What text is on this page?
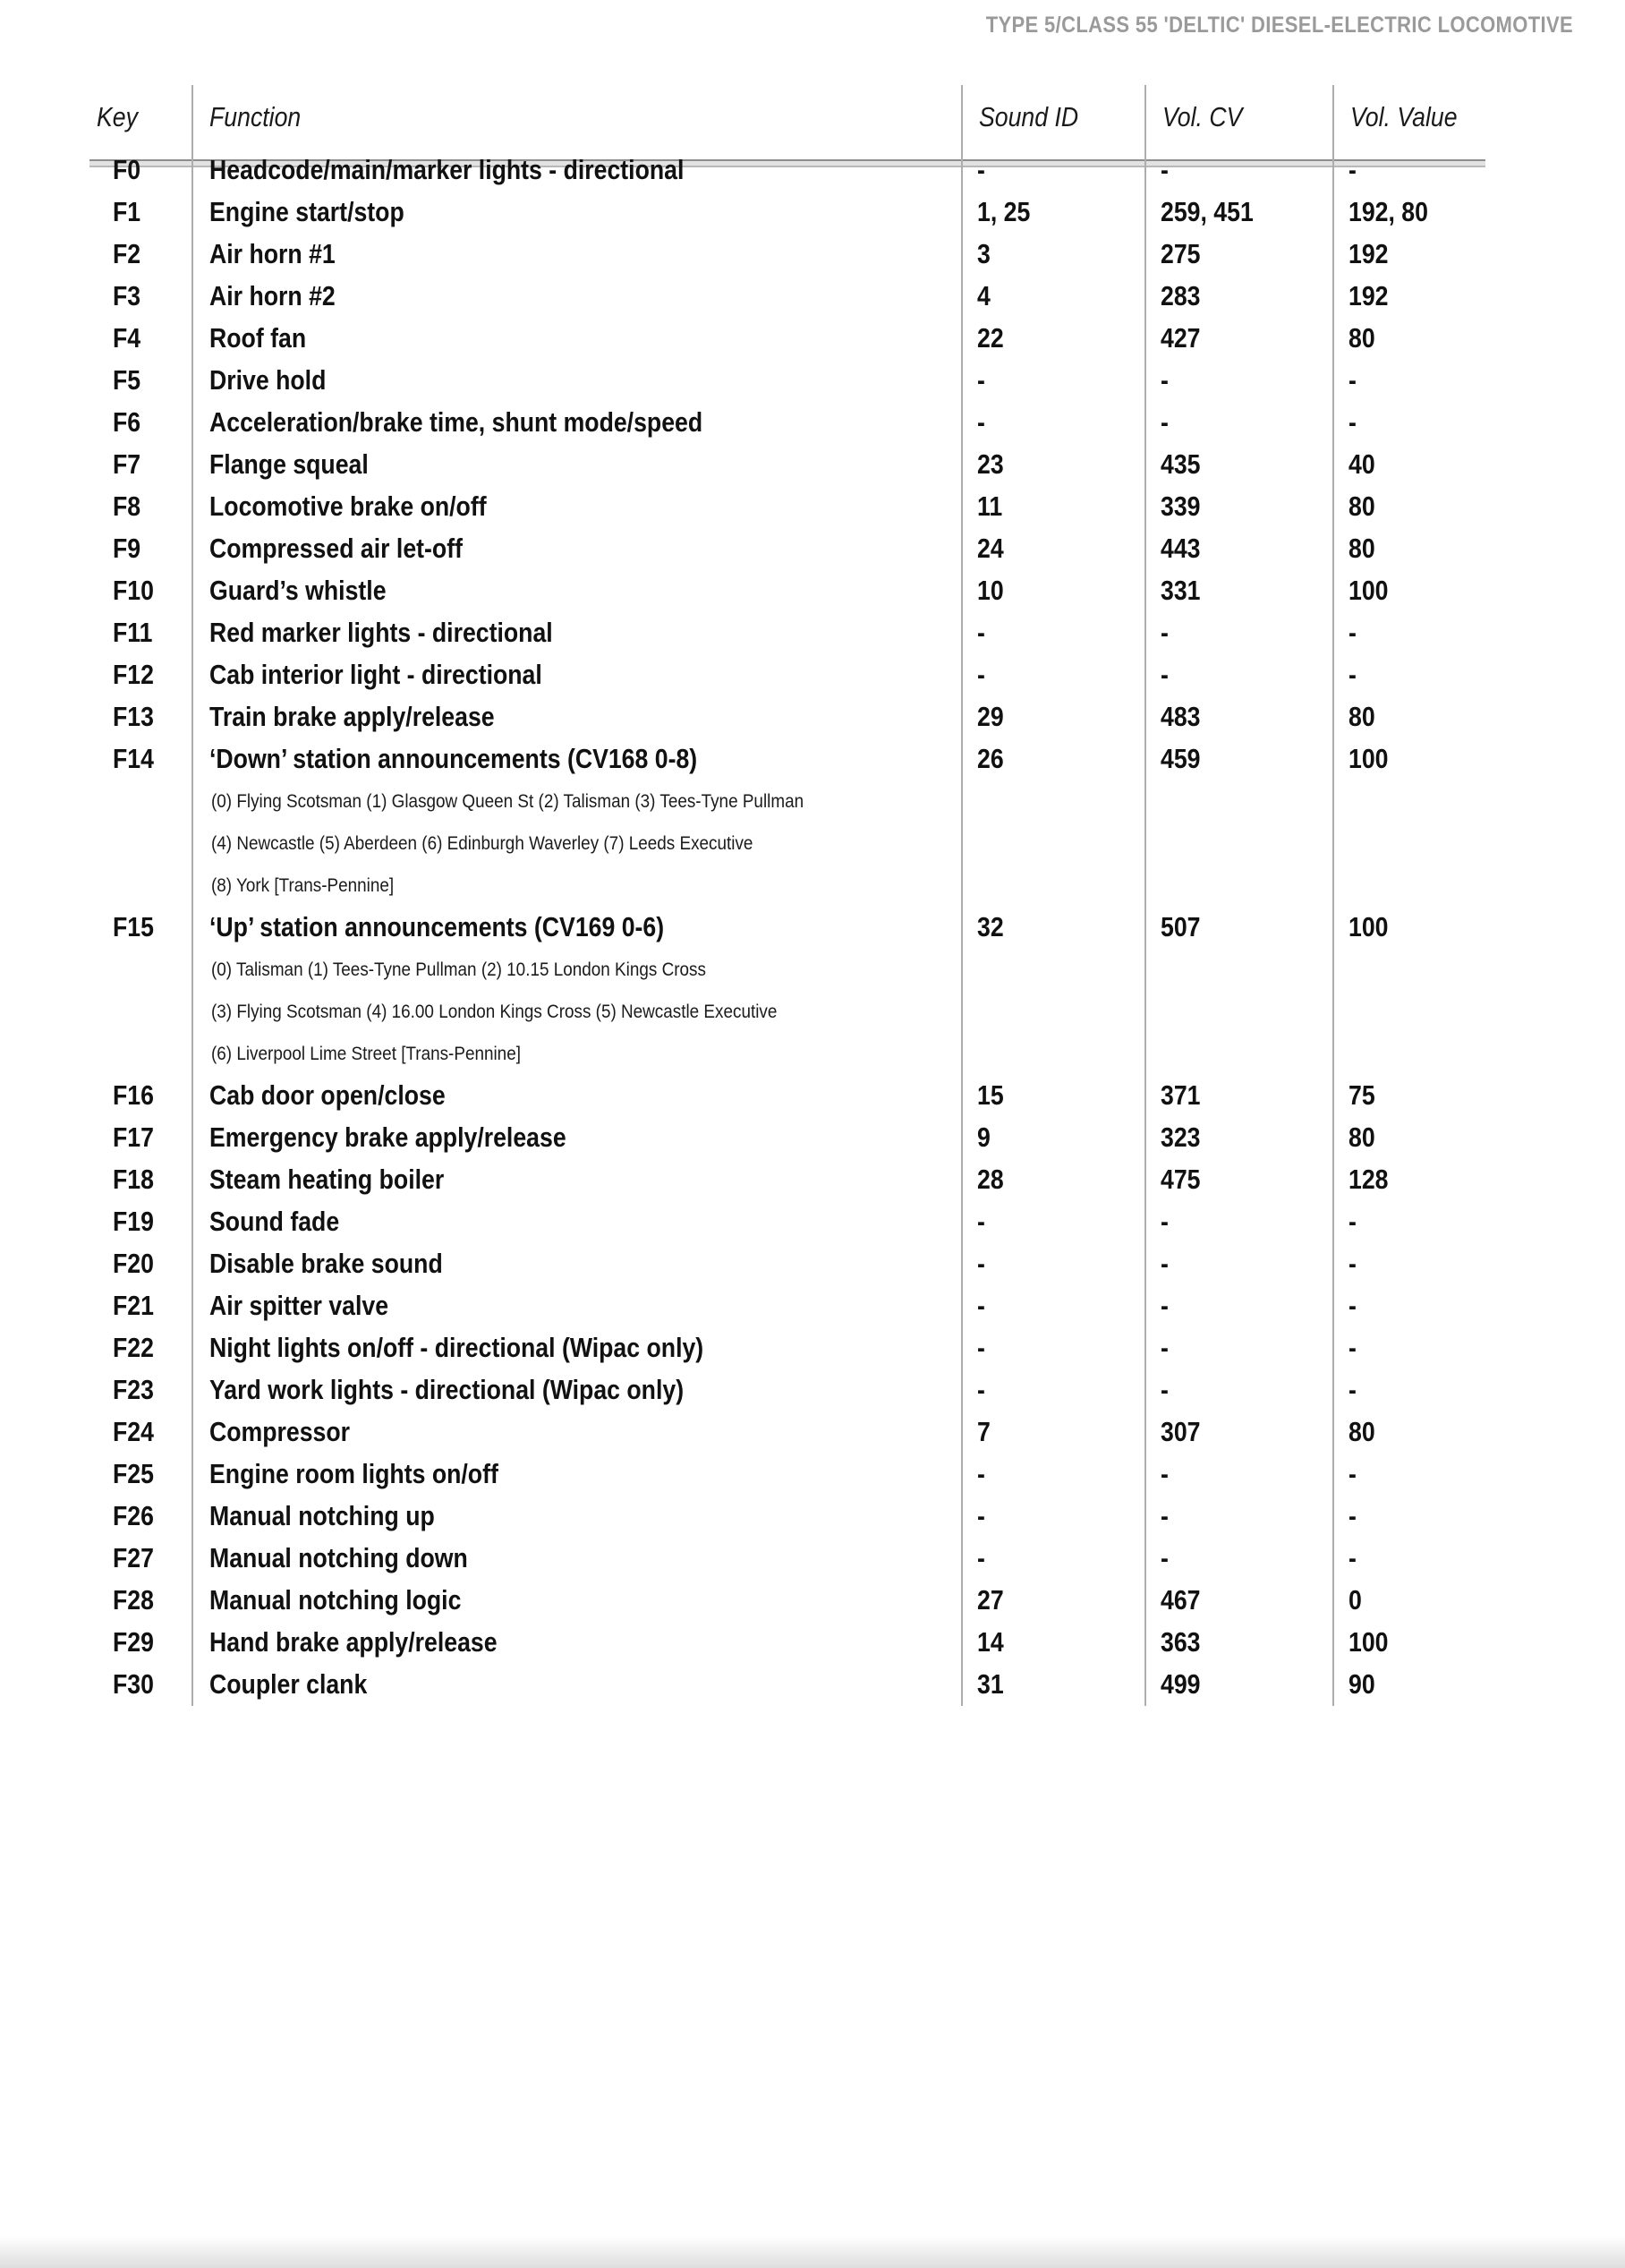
TYPE 5/CLASS 55 'DELTIC' DIESEL-ELECTRIC LOCOMOTIVE
Key	Function	Sound ID	Vol. CV	Vol. Value
F0	Headcode/main/marker lights - directional	-	-	-
F1	Engine start/stop	1, 25	259, 451	192, 80
F2	Air horn #1	3	275	192
F3	Air horn #2	4	283	192
F4	Roof fan	22	427	80
F5	Drive hold	-	-	-
F6	Acceleration/brake time, shunt mode/speed	-	-	-
F7	Flange squeal	23	435	40
F8	Locomotive brake on/off	11	339	80
F9	Compressed air let-off	24	443	80
F10	Guard’s whistle	10	331	100
F11	Red marker lights - directional	-	-	-
F12	Cab interior light - directional	-	-	-
F13	Train brake apply/release	29	483	80
F14	‘Down’ station announcements (CV168 0-8)	26	459	100
	(0) Flying Scotsman (1) Glasgow Queen St (2) Talisman (3) Tees-Tyne Pullman			
	(4) Newcastle (5) Aberdeen (6) Edinburgh Waverley (7) Leeds Executive			
	(8) York [Trans-Pennine]			
F15	‘Up’ station announcements (CV169 0-6)	32	507	100
	(0) Talisman (1) Tees-Tyne Pullman (2) 10.15 London Kings Cross			
	(3) Flying Scotsman (4) 16.00 London Kings Cross (5) Newcastle Executive			
	(6) Liverpool Lime Street [Trans-Pennine]			
F16	Cab door open/close	15	371	75
F17	Emergency brake apply/release	9	323	80
F18	Steam heating boiler	28	475	128
F19	Sound fade	-	-	-
F20	Disable brake sound	-	-	-
F21	Air spitter valve	-	-	-
F22	Night lights on/off - directional (Wipac only)	-	-	-
F23	Yard work lights - directional (Wipac only)	-	-	-
F24	Compressor	7	307	80
F25	Engine room lights on/off	-	-	-
F26	Manual notching up	-	-	-
F27	Manual notching down	-	-	-
F28	Manual notching logic	27	467	0
F29	Hand brake apply/release	14	363	100
F30	Coupler clank	31	499	90
